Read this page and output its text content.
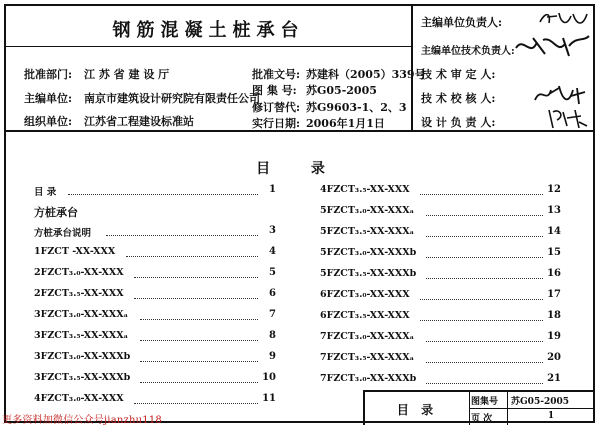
钢筋混凝土桩承台
批准部门: 江 苏 省 建 设 厅
主编单位: 南京市建筑设计研究院有限责任公司
组织单位: 江苏省工程建设标准站
批准文号: 苏建科（2005）339号
图 集 号: 苏G05-2005
修订替代: 苏G9603-1、2、3
实行日期: 2006年1月1日
主编单位负责人:
主编单位技术负责人:
技 术 审 定 人:
技 术 校 核 人:
设 计 负 责 人:
目 录
目 录	1
方桩承台
方桩承台说明	3
1FZCT -XX-XXX	4
2FZCT₃.₀-XX-XXX	5
2FZCT₃.₅-XX-XXX	6
3FZCT₃.₀-XX-XXXₐ	7
3FZCT₃.₅-XX-XXXₐ	8
3FZCT₃.₀-XX-XXXb	9
3FZCT₃.₅-XX-XXXb	10
4FZCT₃.₀-XX-XXX	11
4FZCT₃.₅-XX-XXX	12
5FZCT₃.₀-XX-XXXₐ	13
5FZCT₃.₅-XX-XXXₐ	14
5FZCT₃.₀-XX-XXXb	15
5FZCT₃.₅-XX-XXXb	16
6FZCT₃.₀-XX-XXX	17
6FZCT₃.₅-XX-XXX	18
7FZCT₃.₀-XX-XXXₐ	19
7FZCT₃.₅-XX-XXXₐ	20
7FZCT₃.₀-XX-XXXb	21
目 录
图集号 苏G05-2005
页 次	1
更多资料加微信公众号jianzhu118
